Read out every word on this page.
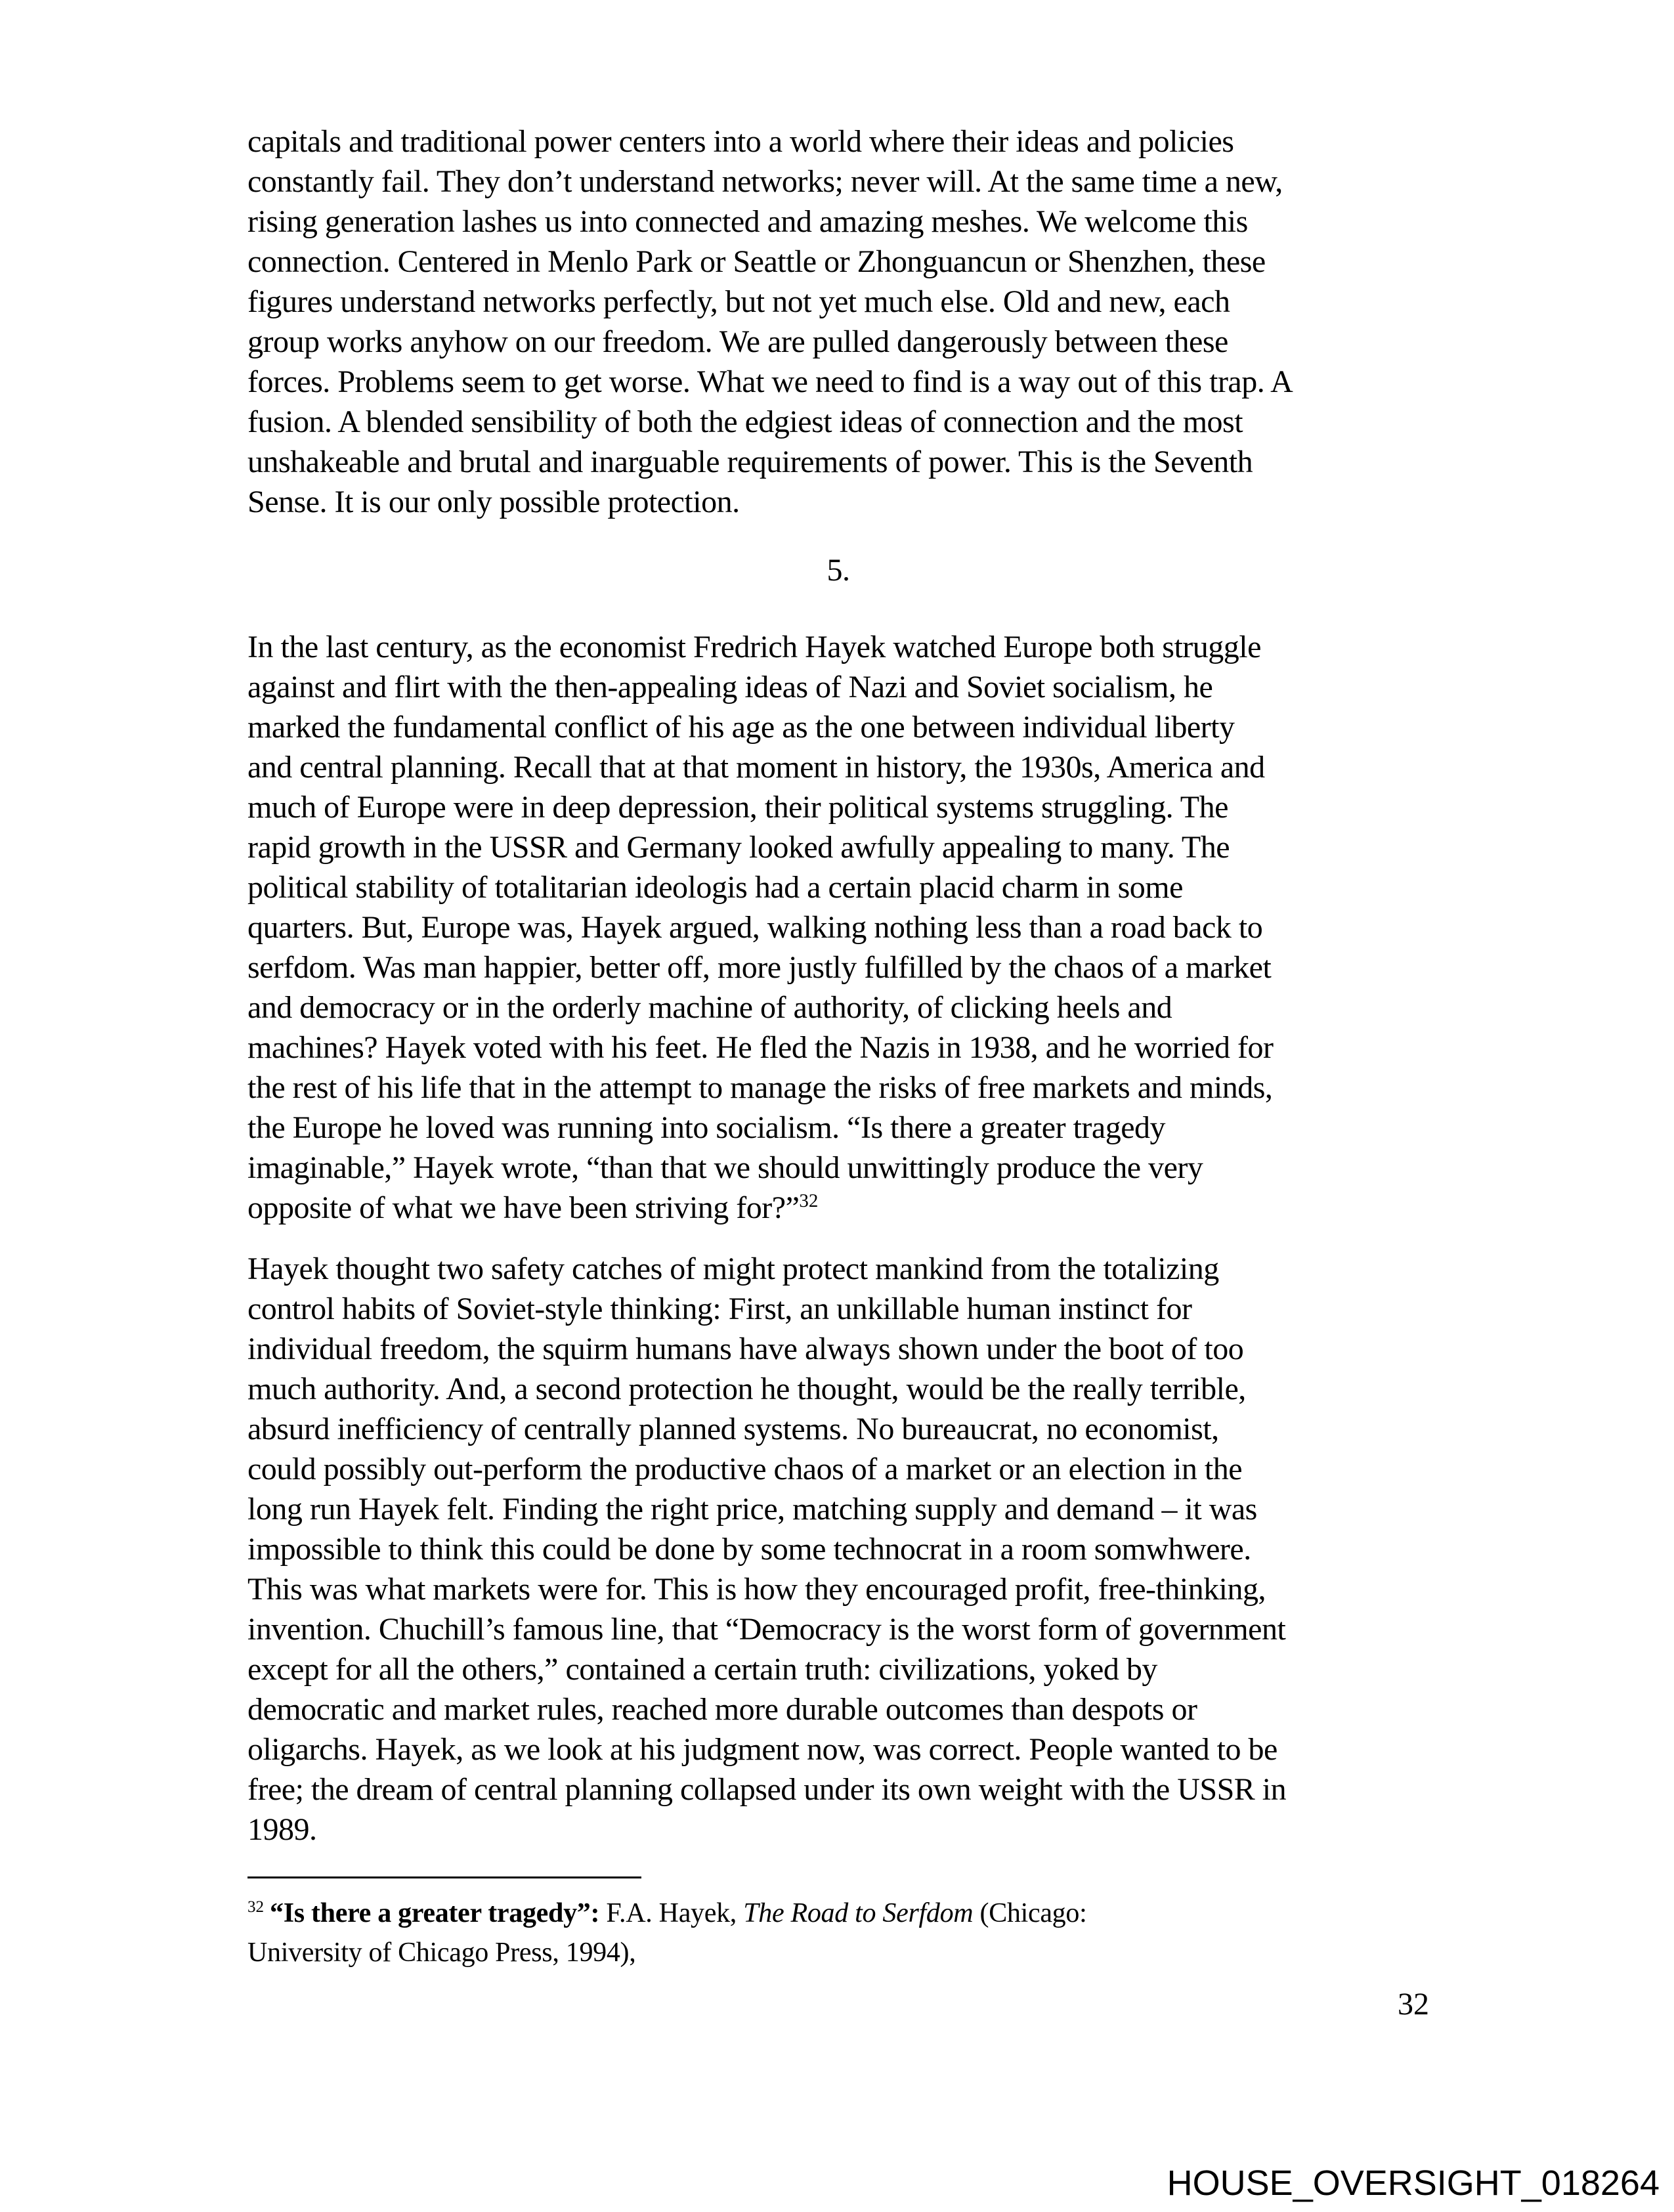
capitals and traditional power centers into a world where their ideas and policies
constantly fail. They don’t understand networks; never will. At the same time a new,
rising generation lashes us into connected and amazing meshes. We welcome this
connection. Centered in Menlo Park or Seattle or Zhonguancun or Shenzhen, these
figures understand networks perfectly, but not yet much else. Old and new, each
group works anyhow on our freedom. We are pulled dangerously between these
forces. Problems seem to get worse. What we need to find is a way out of this trap. A
fusion. A blended sensibility of both the edgiest ideas of connection and the most
unshakeable and brutal and inarguable requirements of power. This is the Seventh
Sense. It is our only possible protection.
5.
In the last century, as the economist Fredrich Hayek watched Europe both struggle
against and flirt with the then-appealing ideas of Nazi and Soviet socialism, he
marked the fundamental conflict of his age as the one between individual liberty
and central planning. Recall that at that moment in history, the 1930s, America and
much of Europe were in deep depression, their political systems struggling. The
rapid growth in the USSR and Germany looked awfully appealing to many. The
political stability of totalitarian ideologis had a certain placid charm in some
quarters. But, Europe was, Hayek argued, walking nothing less than a road back to
serfdom. Was man happier, better off, more justly fulfilled by the chaos of a market
and democracy or in the orderly machine of authority, of clicking heels and
machines? Hayek voted with his feet. He fled the Nazis in 1938, and he worried for
the rest of his life that in the attempt to manage the risks of free markets and minds,
the Europe he loved was running into socialism. “Is there a greater tragedy
imaginable,” Hayek wrote, “than that we should unwittingly produce the very
opposite of what we have been striving for?”$^{32}$
Hayek thought two safety catches of might protect mankind from the totalizing
control habits of Soviet-style thinking: First, an unkillable human instinct for
individual freedom, the squirm humans have always shown under the boot of too
much authority. And, a second protection he thought, would be the really terrible,
absurd inefficiency of centrally planned systems. No bureaucrat, no economist,
could possibly out-perform the productive chaos of a market or an election in the
long run Hayek felt. Finding the right price, matching supply and demand – it was
impossible to think this could be done by some technocrat in a room somwhwere.
This was what markets were for. This is how they encouraged profit, free-thinking,
invention. Chuchill’s famous line, that “Democracy is the worst form of government
except for all the others,” contained a certain truth: civilizations, yoked by
democratic and market rules, reached more durable outcomes than despots or
oligarchs. Hayek, as we look at his judgment now, was correct. People wanted to be
free; the dream of central planning collapsed under its own weight with the USSR in
1989.
$^{32}$ “Is there a greater tragedy”: F.A. Hayek, The Road to Serfdom (Chicago:
University of Chicago Press, 1994),
32
HOUSE_OVERSIGHT_018264
